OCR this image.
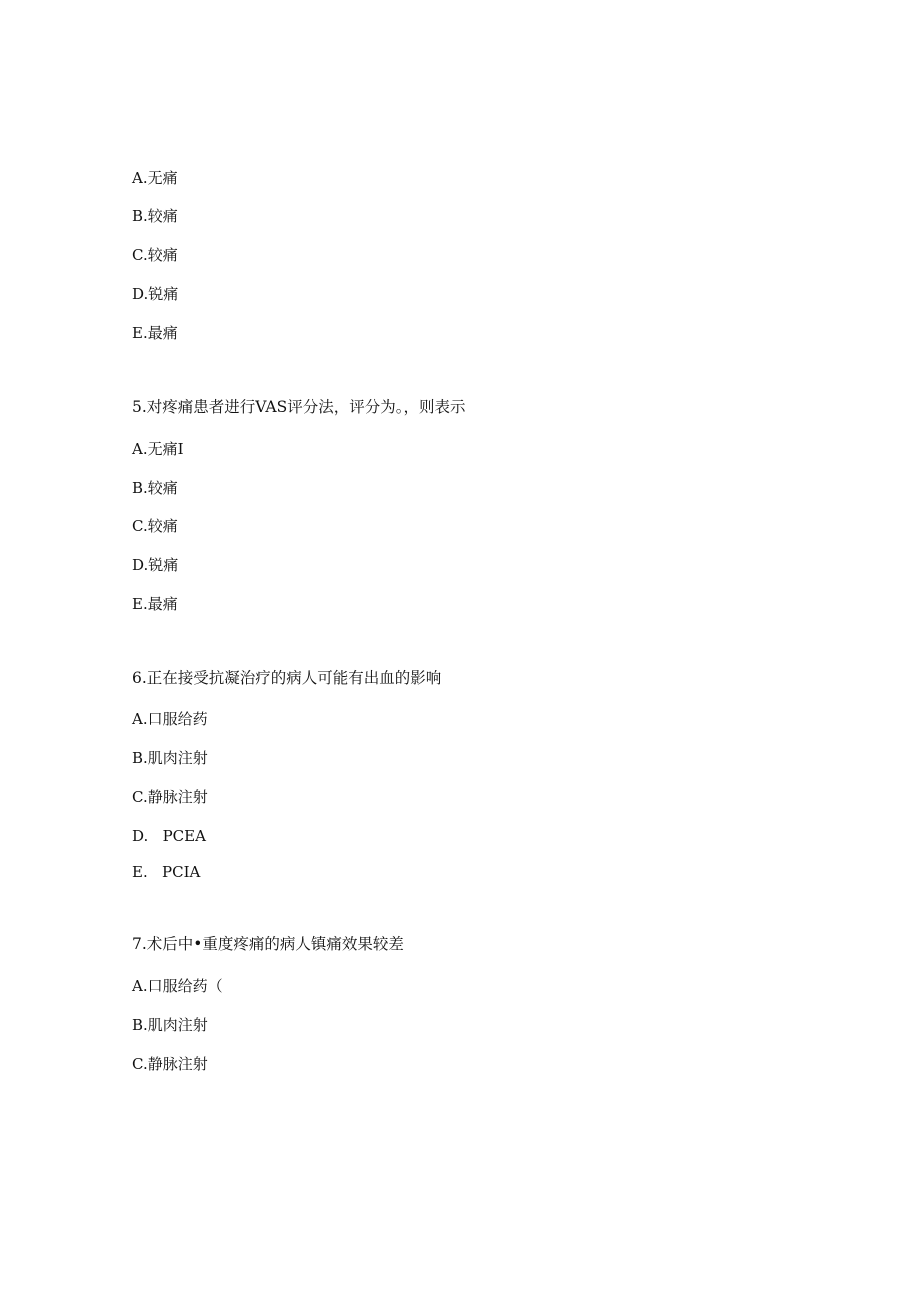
A.无痛
B.较痛
C.较痛
D.锐痛
E.最痛
5.对疼痛患者进行VAS评分法，评分为。，则表示
A.无痛I
B.较痛
C.较痛
D.锐痛
E.最痛
6.正在接受抗凝治疗的病人可能有出血的影响
A.口服给药
B.肌肉注射
C.静脉注射
D.   PCEA
E.   PCIA
7.术后中•重度疼痛的病人镇痛效果较差
A.口服给药（
B.肌肉注射
C.静脉注射
